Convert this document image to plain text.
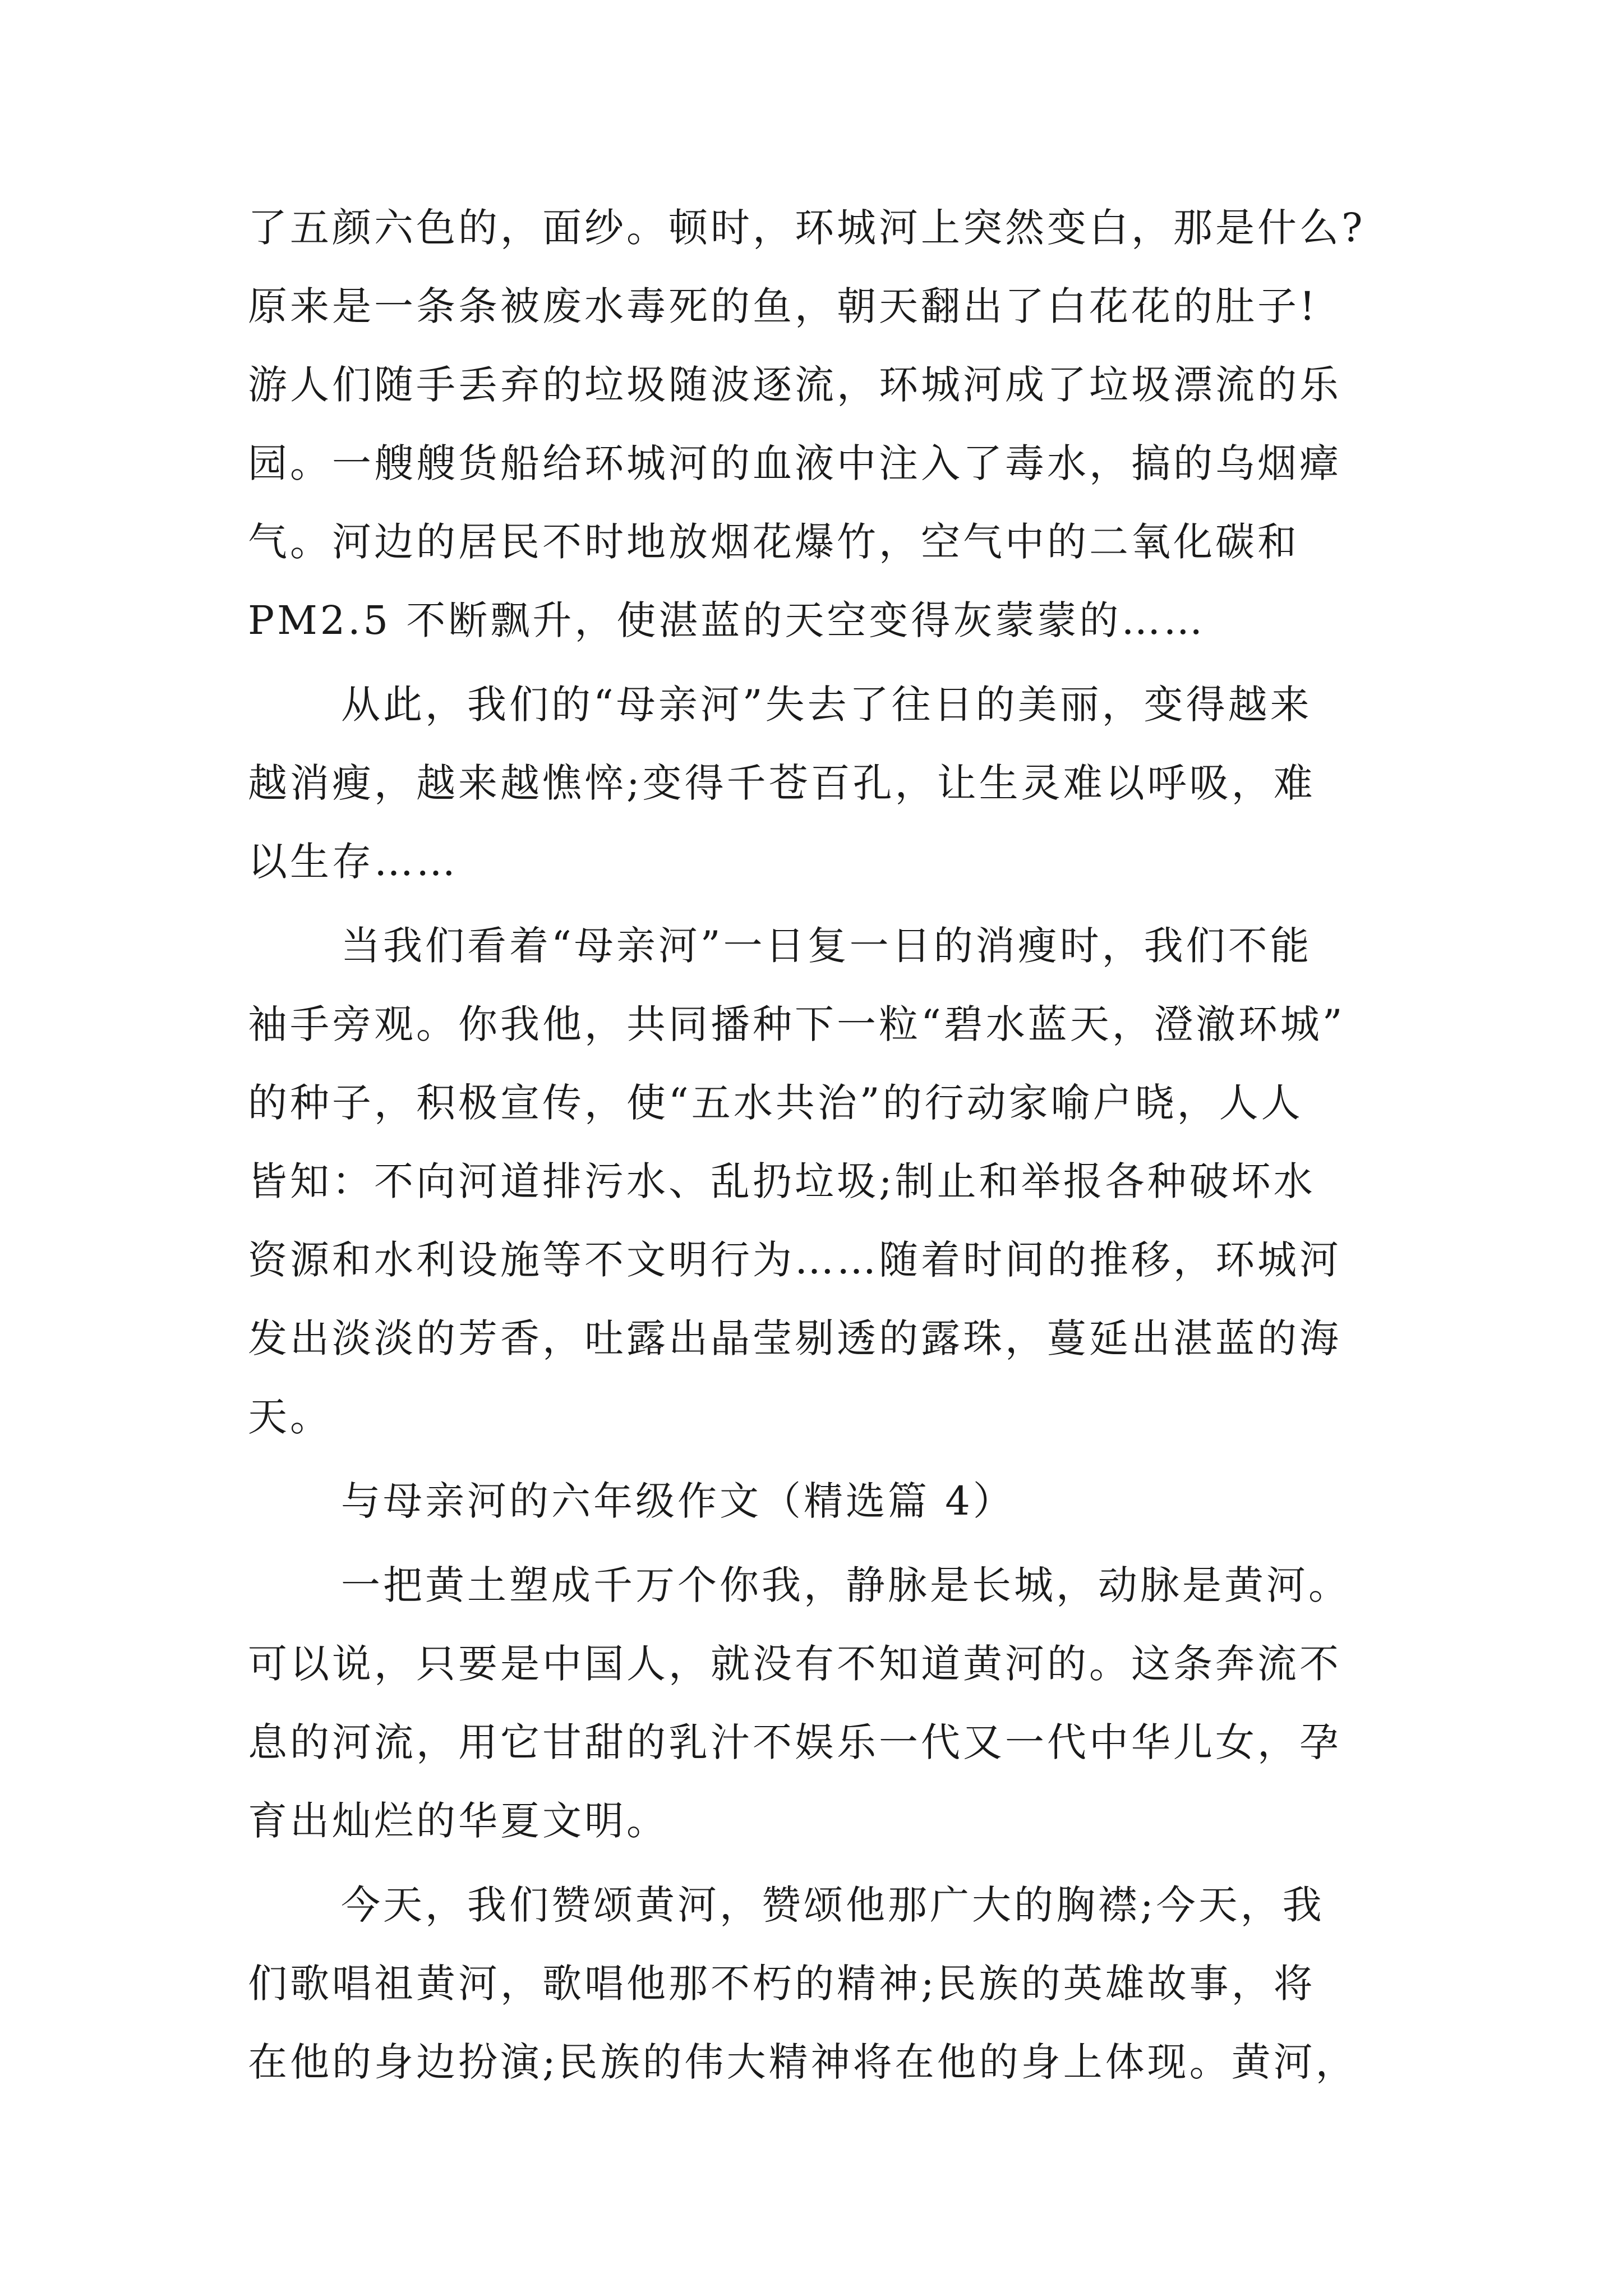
了五颜六色的，面纱。顿时，环城河上突然变白，那是什么?
原来是一条条被废水毒死的鱼，朝天翻出了白花花的肚子!
游人们随手丢弃的垃圾随波逐流，环城河成了垃圾漂流的乐
园。一艘艘货船给环城河的血液中注入了毒水，搞的乌烟瘴
气。河边的居民不时地放烟花爆竹，空气中的二氧化碳和
PM2.5 不断飘升，使湛蓝的天空变得灰蒙蒙的……
从此，我们的“母亲河”失去了往日的美丽，变得越来
越消瘦，越来越憔悴;变得千苍百孔，让生灵难以呼吸，难
以生存……
当我们看着“母亲河”一日复一日的消瘦时，我们不能
袖手旁观。你我他，共同播种下一粒“碧水蓝天，澄澈环城”
的种子，积极宣传，使“五水共治”的行动家喻户晓，人人
皆知：不向河道排污水、乱扔垃圾;制止和举报各种破坏水
资源和水利设施等不文明行为……随着时间的推移，环城河
发出淡淡的芳香，吐露出晶莹剔透的露珠，蔓延出湛蓝的海
天。
与母亲河的六年级作文（精选篇 4）
一把黄土塑成千万个你我，静脉是长城，动脉是黄河。
可以说，只要是中国人，就没有不知道黄河的。这条奔流不
息的河流，用它甘甜的乳汁不娱乐一代又一代中华儿女，孕
育出灿烂的华夏文明。
今天，我们赞颂黄河，赞颂他那广大的胸襟;今天，我
们歌唱祖黄河，歌唱他那不朽的精神;民族的英雄故事，将
在他的身边扮演;民族的伟大精神将在他的身上体现。黄河，
